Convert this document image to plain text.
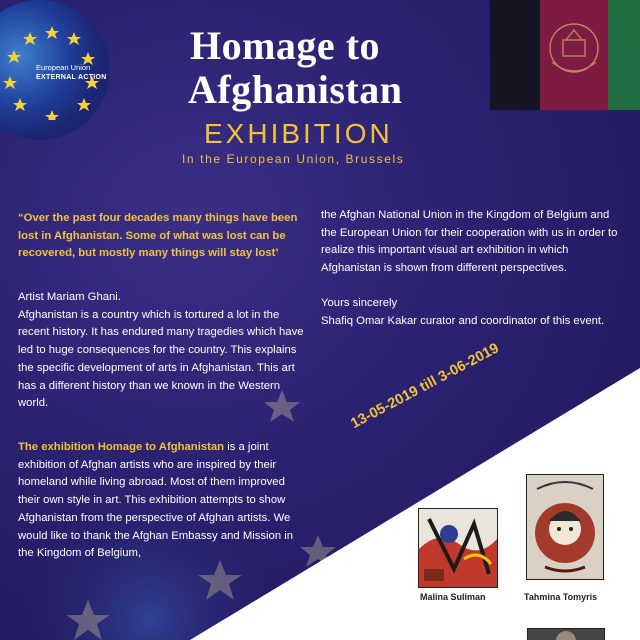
European Union
EXTERNAL ACTION
Homage to
Afghanistan
EXHIBITION
In the European Union, Brussels
“Over the past four decades many things have been lost in Afghanistan. Some of what was lost can be recovered, but mostly many things will stay lost’
Artist Mariam Ghani.
Afghanistan is a country which is tortured a lot in the recent history. It has endured many tragedies which have led to huge consequences for the country. This explains the specific development of arts in Afghanistan. This art has a different history than we known in the Western world.
The exhibition Homage to Afghanistan is a joint exhibition of Afghan artists who are inspired by their homeland while living abroad. Most of them improved their own style in art. This exhibition attempts to show Afghanistan from the perspective of Afghan artists. We would like to thank the Afghan Embassy and Mission in the Kingdom of Belgium,
the Afghan National Union in the Kingdom of Belgium and the European Union for their cooperation with us in order to realize this important visual art exhibition in which Afghanistan is shown from different perspectives.
Yours sincerely
Shafiq Omar Kakar curator and coordinator of this event.
13-05-2019 till 3-06-2019
Malina Suliman	Tahmina Tomyris
